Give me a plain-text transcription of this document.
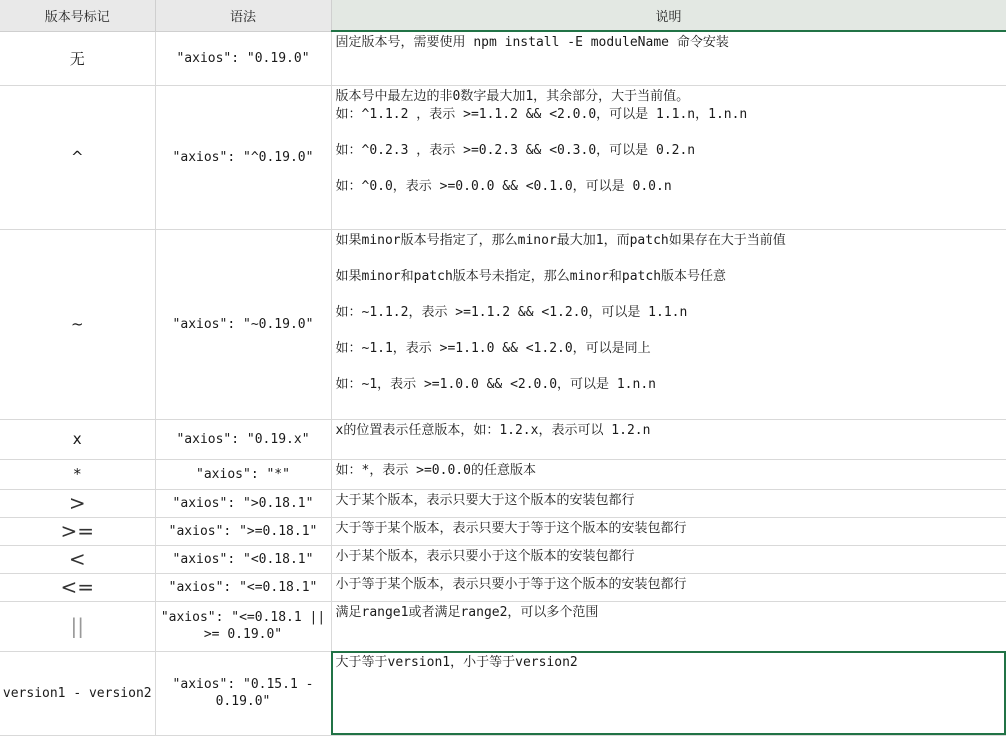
版本号标记	语法	说明
无	"axios": "0.19.0"	固定版本号，需要使用 npm install -E moduleName 命令安装

^	"axios": "^0.19.0"	版本号中最左边的非0数字最大加1，其余部分，大于当前值。
如：^1.1.2 ，表示 >=1.1.2 && <2.0.0，可以是 1.1.n，1.n.n
如：^0.2.3 ，表示 >=0.2.3 && <0.3.0，可以是 0.2.n
如：^0.0，表示 >=0.0.0 && <0.1.0，可以是 0.0.n

~	"axios": "~0.19.0"	如果minor版本号指定了，那么minor最大加1，而patch如果存在大于当前值
如果minor和patch版本号未指定，那么minor和patch版本号任意
如：~1.1.2，表示 >=1.1.2 && <1.2.0，可以是 1.1.n
如：~1.1，表示 >=1.1.0 && <1.2.0，可以是同上
如：~1，表示 >=1.0.0 && <2.0.0，可以是 1.n.n

x	"axios": "0.19.x"	x的位置表示任意版本，如：1.2.x，表示可以 1.2.n

*	"axios": "*"	如：*，表示 >=0.0.0的任意版本

>	"axios": ">0.18.1"	大于某个版本，表示只要大于这个版本的安装包都行

>=	"axios": ">=0.18.1"	大于等于某个版本，表示只要大于等于这个版本的安装包都行

<	"axios": "<0.18.1"	小于某个版本，表示只要小于这个版本的安装包都行

<=	"axios": "<=0.18.1"	小于等于某个版本，表示只要小于等于这个版本的安装包都行

||	"axios": "<=0.18.1 || >= 0.19.0"	满足range1或者满足range2，可以多个范围

version1 - version2	"axios": "0.15.1 - 0.19.0"	大于等于version1，小于等于version2
